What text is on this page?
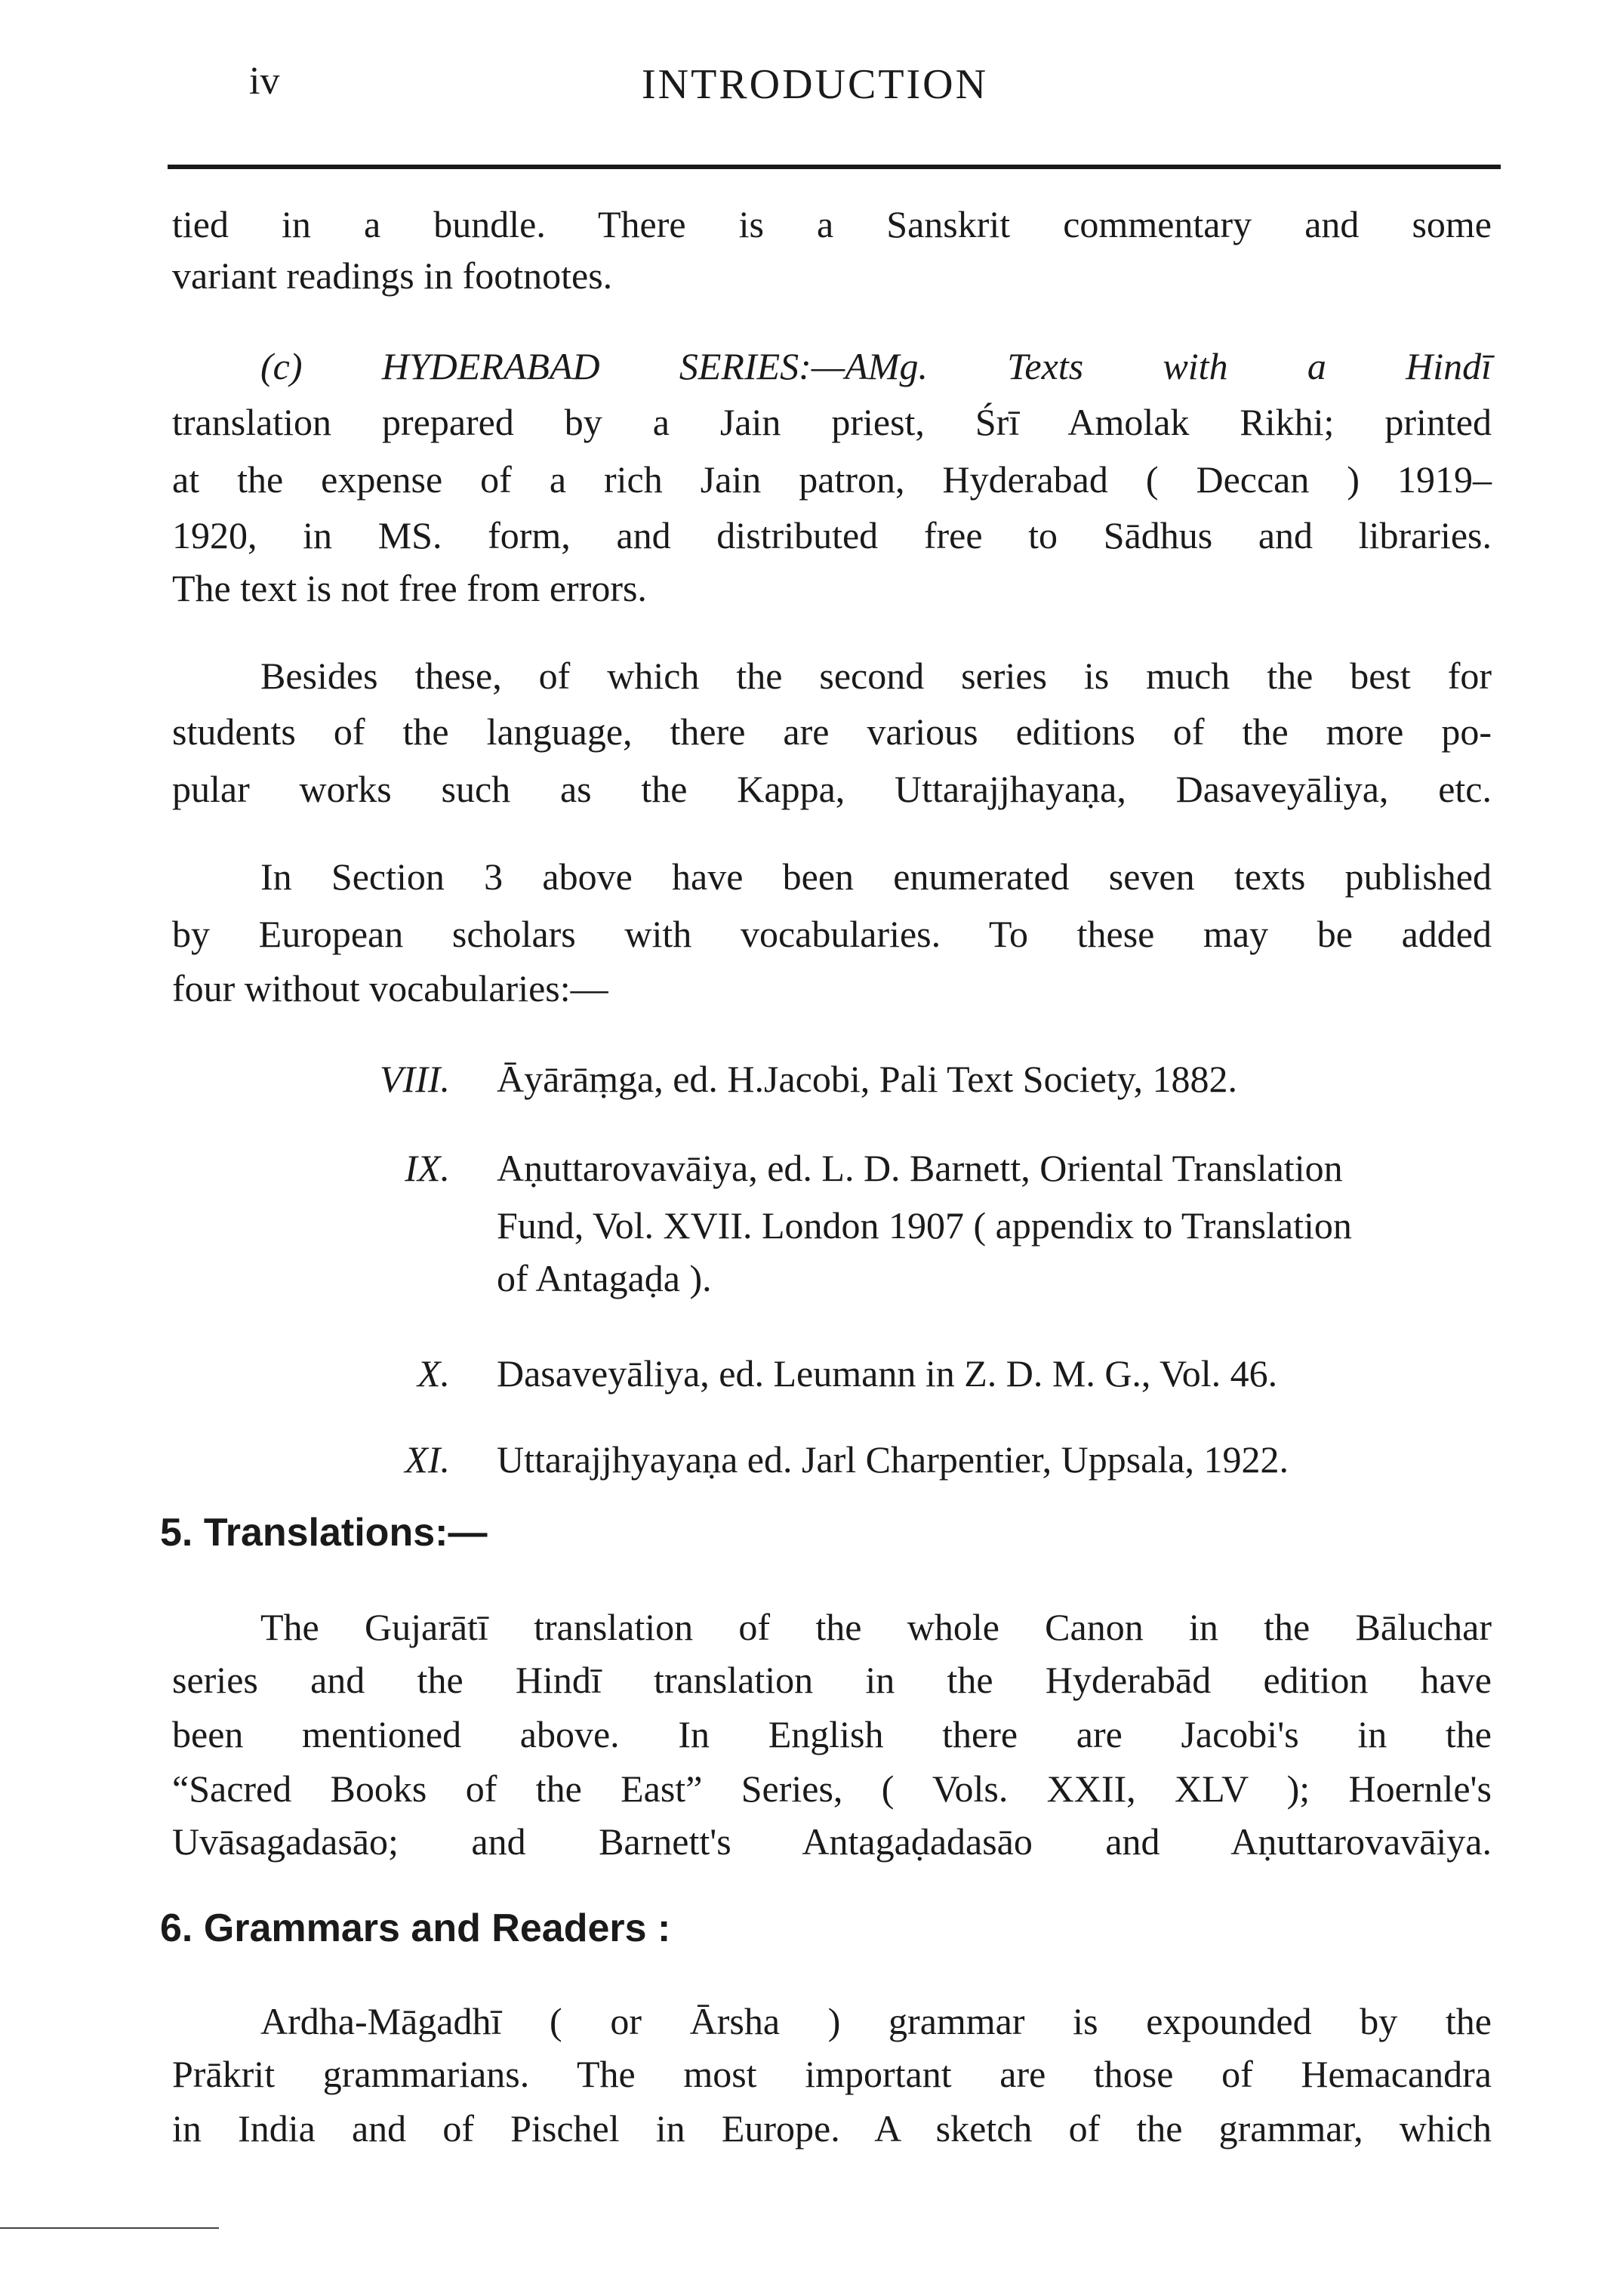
iv	INTRODUCTION
tied in a bundle. There is a Sanskrit commentary and some
variant readings in footnotes.
(c) HYDERABAD SERIES:—AMg. Texts with a Hindī
translation prepared by a Jain priest, Śrī Amolak Rikhi; printed
at the expense of a rich Jain patron, Hyderabad ( Deccan ) 1919–
1920, in MS. form, and distributed free to Sādhus and libraries.
The text is not free from errors.
Besides these, of which the second series is much the best for
students of the language, there are various editions of the more po-
pular works such as the Kappa, Uttarajjhayaṇa, Dasaveyāliya, etc.
In Section 3 above have been enumerated seven texts published
by European scholars with vocabularies. To these may be added
four without vocabularies:—
VIII. Āyārāṃga, ed. H.Jacobi, Pali Text Society, 1882.
IX. Aṇuttarovavāiya, ed. L. D. Barnett, Oriental Translation
Fund, Vol. XVII. London 1907 ( appendix to Translation
of Antagaḍa ).
X. Dasaveyāliya, ed. Leumann in Z. D. M. G., Vol. 46.
XI. Uttarajjhyayaṇa ed. Jarl Charpentier, Uppsala, 1922.
5. Translations:—
The Gujarātī translation of the whole Canon in the Bāluchar
series and the Hindī translation in the Hyderabād edition have
been mentioned above. In English there are Jacobi's in the
“Sacred Books of the East” Series, ( Vols. XXII, XLV ); Hoernle's
Uvāsagadasāo; and Barnett's Antagaḍadasāo and Aṇuttarovavāiya.
6. Grammars and Readers :
Ardha-Māgadhī ( or Ārsha ) grammar is expounded by the
Prākrit grammarians. The most important are those of Hemacandra
in India and of Pischel in Europe. A sketch of the grammar, which
